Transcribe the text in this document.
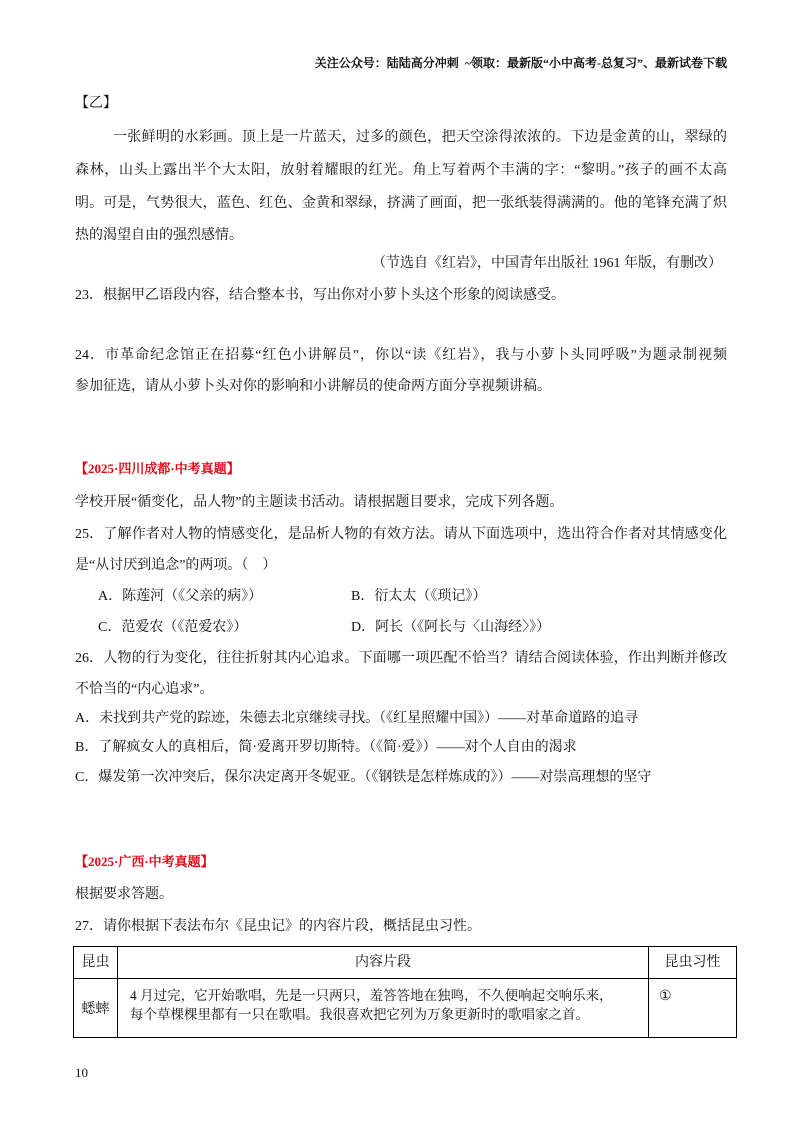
关注公众号：陆陆高分冲刺  ~领取：最新版“小中高考-总复习”、最新试卷下载
【乙】
一张鲜明的水彩画。顶上是一片蓝天，过多的颜色，把天空涂得浓浓的。下边是金黄的山，翠绿的
森林，山头上露出半个大太阳，放射着耀眼的红光。角上写着两个丰满的字：“黎明。”孩子的画不太高
明。可是，气势很大，蓝色、红色、金黄和翠绿，挤满了画面，把一张纸装得满满的。他的笔锋充满了炽
热的渴望自由的强烈感情。
（节选自《红岩》，中国青年出版社 1961 年版，有删改）
23．根据甲乙语段内容，结合整本书，写出你对小萝卜头这个形象的阅读感受。
24．市革命纪念馆正在招募“红色小讲解员”，你以“读《红岩》，我与小萝卜头同呼吸”为题录制视频
参加征选，请从小萝卜头对你的影响和小讲解员的使命两方面分享视频讲稿。
【2025·四川成都·中考真题】
学校开展“循变化，品人物”的主题读书活动。请根据题目要求，完成下列各题。
25．了解作者对人物的情感变化，是品析人物的有效方法。请从下面选项中，选出符合作者对其情感变化
是“从讨厌到追念”的两项。（    ）
A．陈莲河（《父亲的病》）	B．衍太太（《琐记》）
C．范爱农（《范爱农》）	D．阿长（《阿长与〈山海经〉》）
26．人物的行为变化，往往折射其内心追求。下面哪一项匹配不恰当？请结合阅读体验，作出判断并修改
不恰当的“内心追求”。
A．未找到共产党的踪迹，朱德去北京继续寻找。（《红星照耀中国》）——对革命道路的追寻
B．了解疯女人的真相后，简·爱离开罗切斯特。（《简·爱》）——对个人自由的渴求
C．爆发第一次冲突后，保尔决定离开冬妮亚。（《钢铁是怎样炼成的》）——对崇高理想的坚守
【2025·广西·中考真题】
根据要求答题。
27．请你根据下表法布尔《昆虫记》的内容片段，概括昆虫习性。
昆虫	内容片段	昆虫习性
蟋蟀	4 月过完，它开始歌唱，先是一只两只，羞答答地在独鸣，不久便响起交响乐来，
每个草棵棵里都有一只在歌唱。我很喜欢把它列为万象更新时的歌唱家之首。	①
10
